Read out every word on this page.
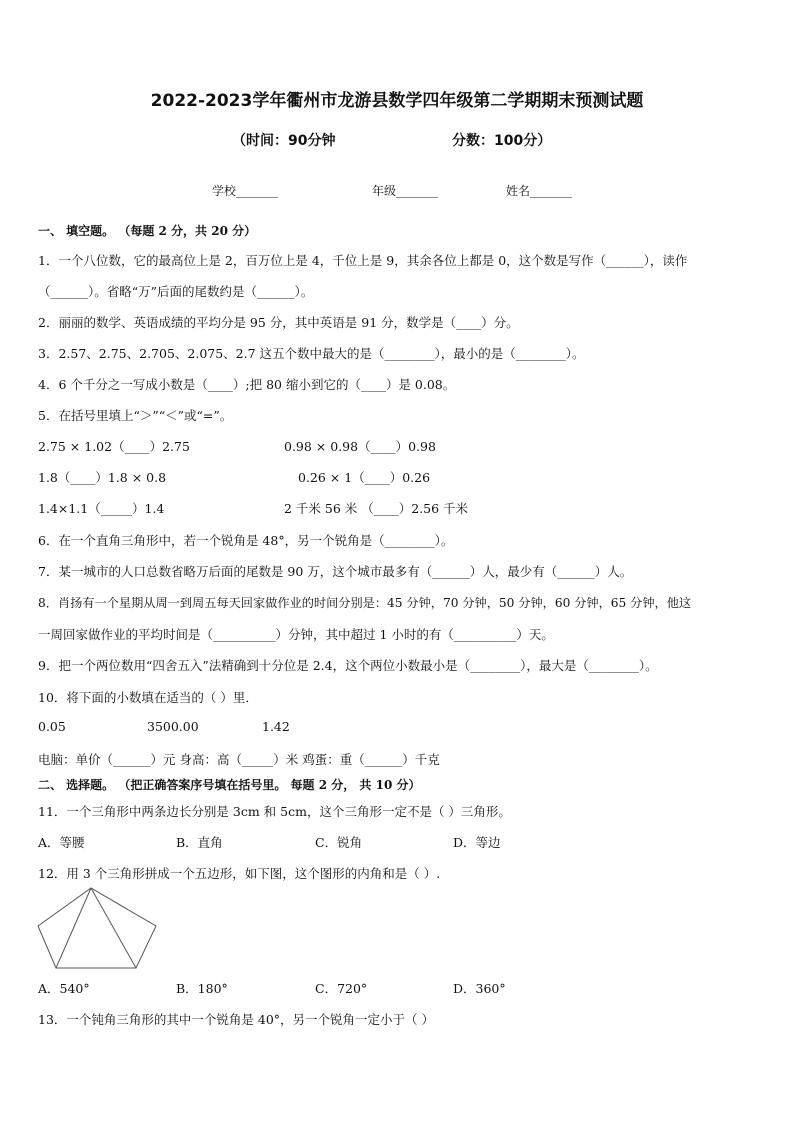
2022-2023学年衢州市龙游县数学四年级第二学期期末预测试题
（时间：90分钟	分数：100分）
学校_______	年级_______	姓名_______
一、 填空题。 （每题 2 分，共 20 分）
1．一个八位数，它的最高位上是 2，百万位上是 4，千位上是 9，其余各位上都是 0，这个数是写作（______），读作
（______）。省略“万”后面的尾数约是（______）。
2．丽丽的数学、英语成绩的平均分是 95 分，其中英语是 91 分，数学是（____）分。
3．2.57、2.75、2.705、2.075、2.7 这五个数中最大的是（________），最小的是（________）。
4．6 个千分之一写成小数是（____）;把 80 缩小到它的（____）是 0.08。
5．在括号里填上“＞”“＜”或“=”。
2.75 × 1.02（____）2.75	0.98 × 0.98（____）0.98
1.8（____）1.8 × 0.8	0.26 × 1（____）0.26
1.4×1.1（_____）1.4	2 千米 56 米 （____）2.56 千米
6．在一个直角三角形中，若一个锐角是 48°，另一个锐角是（________）。
7．某一城市的人口总数省略万后面的尾数是 90 万，这个城市最多有（______）人，最少有（______）人。
8．肖扬有一个星期从周一到周五每天回家做作业的时间分别是：45 分钟，70 分钟，50 分钟，60 分钟，65 分钟，他这
一周回家做作业的平均时间是（__________）分钟，其中超过 1 小时的有（__________）天。
9．把一个两位数用“四舍五入”法精确到十分位是 2.4，这个两位小数最小是（________），最大是（________）。
10．将下面的小数填在适当的（ ）里．
0.05	3500.00	1.42
电脑：单价（______）元 身高：高（_____）米 鸡蛋：重（______）千克
二、 选择题。 （把正确答案序号填在括号里。 每题 2 分， 共 10 分）
11．一个三角形中两条边长分别是 3cm 和 5cm，这个三角形一定不是（ ）三角形。
A．等腰	B．直角	C．锐角	D．等边
12．用 3 个三角形拼成一个五边形，如下图，这个图形的内角和是（ ）.
A．540°	B．180°	C．720°	D．360°
13．一个钝角三角形的其中一个锐角是 40°，另一个锐角一定小于（ ）
